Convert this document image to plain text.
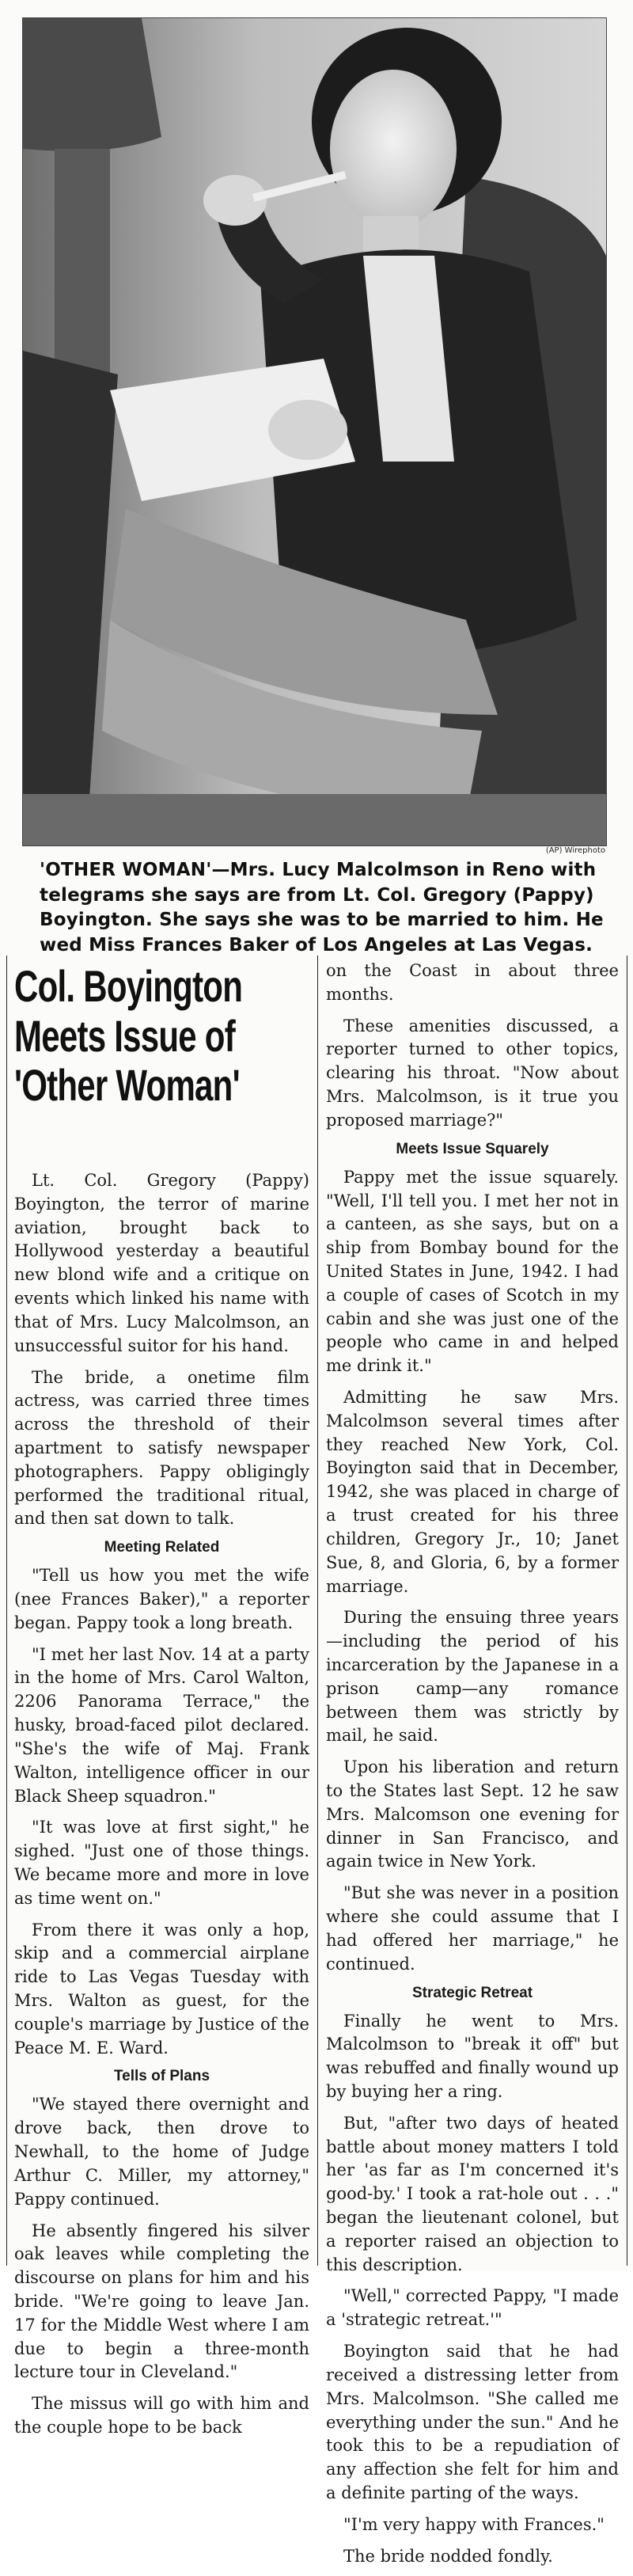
(AP) Wirephoto
'OTHER WOMAN'—Mrs. Lucy Malcolmson in Reno with telegrams she says are from Lt. Col. Gregory (Pappy) Boyington. She says she was to be married to him. He wed Miss Frances Baker of Los Angeles at Las Vegas.
Col. Boyington Meets Issue of 'Other Woman'
Lt. Col. Gregory (Pappy) Boyington, the terror of marine aviation, brought back to Hollywood yesterday a beautiful new blond wife and a critique on events which linked his name with that of Mrs. Lucy Malcolmson, an unsuccessful suitor for his hand.
The bride, a onetime film actress, was carried three times across the threshold of their apartment to satisfy newspaper photographers. Pappy obligingly performed the traditional ritual, and then sat down to talk.
Meeting Related
"Tell us how you met the wife (nee Frances Baker)," a reporter began. Pappy took a long breath.
"I met her last Nov. 14 at a party in the home of Mrs. Carol Walton, 2206 Panorama Terrace," the husky, broad-faced pilot declared. "She's the wife of Maj. Frank Walton, intelligence officer in our Black Sheep squadron."
"It was love at first sight," he sighed. "Just one of those things. We became more and more in love as time went on."
From there it was only a hop, skip and a commercial airplane ride to Las Vegas Tuesday with Mrs. Walton as guest, for the couple's marriage by Justice of the Peace M. E. Ward.
Tells of Plans
"We stayed there overnight and drove back, then drove to Newhall, to the home of Judge Arthur C. Miller, my attorney," Pappy continued.
He absently fingered his silver oak leaves while completing the discourse on plans for him and his bride. "We're going to leave Jan. 17 for the Middle West where I am due to begin a three-month lecture tour in Cleveland."
The missus will go with him and the couple hope to be back
on the Coast in about three months.
These amenities discussed, a reporter turned to other topics, clearing his throat. "Now about Mrs. Malcolmson, is it true you proposed marriage?"
Meets Issue Squarely
Pappy met the issue squarely. "Well, I'll tell you. I met her not in a canteen, as she says, but on a ship from Bombay bound for the United States in June, 1942. I had a couple of cases of Scotch in my cabin and she was just one of the people who came in and helped me drink it."
Admitting he saw Mrs. Malcolmson several times after they reached New York, Col. Boyington said that in December, 1942, she was placed in charge of a trust created for his three children, Gregory Jr., 10; Janet Sue, 8, and Gloria, 6, by a former marriage.
During the ensuing three years—including the period of his incarceration by the Japanese in a prison camp—any romance between them was strictly by mail, he said.
Upon his liberation and return to the States last Sept. 12 he saw Mrs. Malcomson one evening for dinner in San Francisco, and again twice in New York.
"But she was never in a position where she could assume that I had offered her marriage," he continued.
Strategic Retreat
Finally he went to Mrs. Malcolmson to "break it off" but was rebuffed and finally wound up by buying her a ring.
But, "after two days of heated battle about money matters I told her 'as far as I'm concerned it's good-by.' I took a rat-hole out . . ." began the lieutenant colonel, but a reporter raised an objection to this description.
"Well," corrected Pappy, "I made a 'strategic retreat.'"
Boyington said that he had received a distressing letter from Mrs. Malcolmson. "She called me everything under the sun." And he took this to be a repudiation of any affection she felt for him and a definite parting of the ways.
"I'm very happy with Frances."
The bride nodded fondly.
